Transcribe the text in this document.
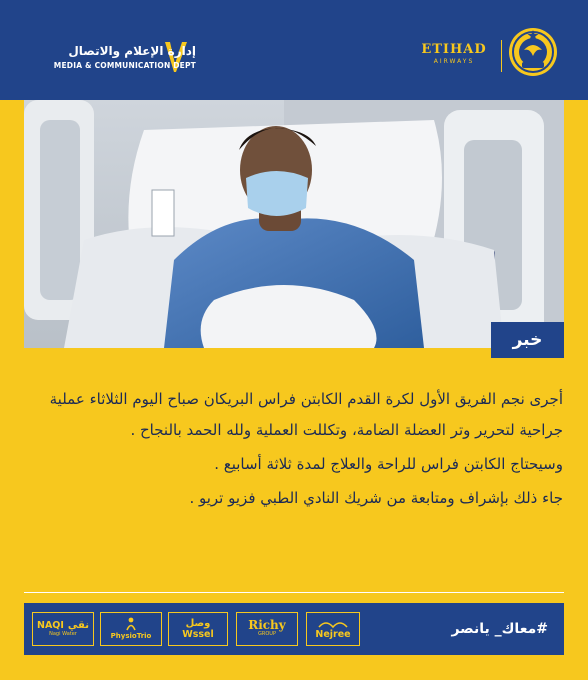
إدارة الإعلام والاتصال
MEDIA & COMMUNICATION DEPT
ETIHAD
AIRWAYS
خبر

أجرى نجم الفريق الأول لكرة القدم الكابتن فراس البريكان صباح اليوم الثلاثاء عملية جراحية لتحرير وتر العضلة الضامة، وتكللت العملية ولله الحمد بالنجاح .

وسيحتاج الكابتن فراس للراحة والعلاج لمدة ثلاثة أسابيع .

جاء ذلك بإشراف ومتابعة من شريك النادي الطبي فزيو تريو .

#معاك_ يانصر
Nejree
Richy
GROUP
وصل
Wssel
PhysioTrio
NAQI نقي
Nagi Water
